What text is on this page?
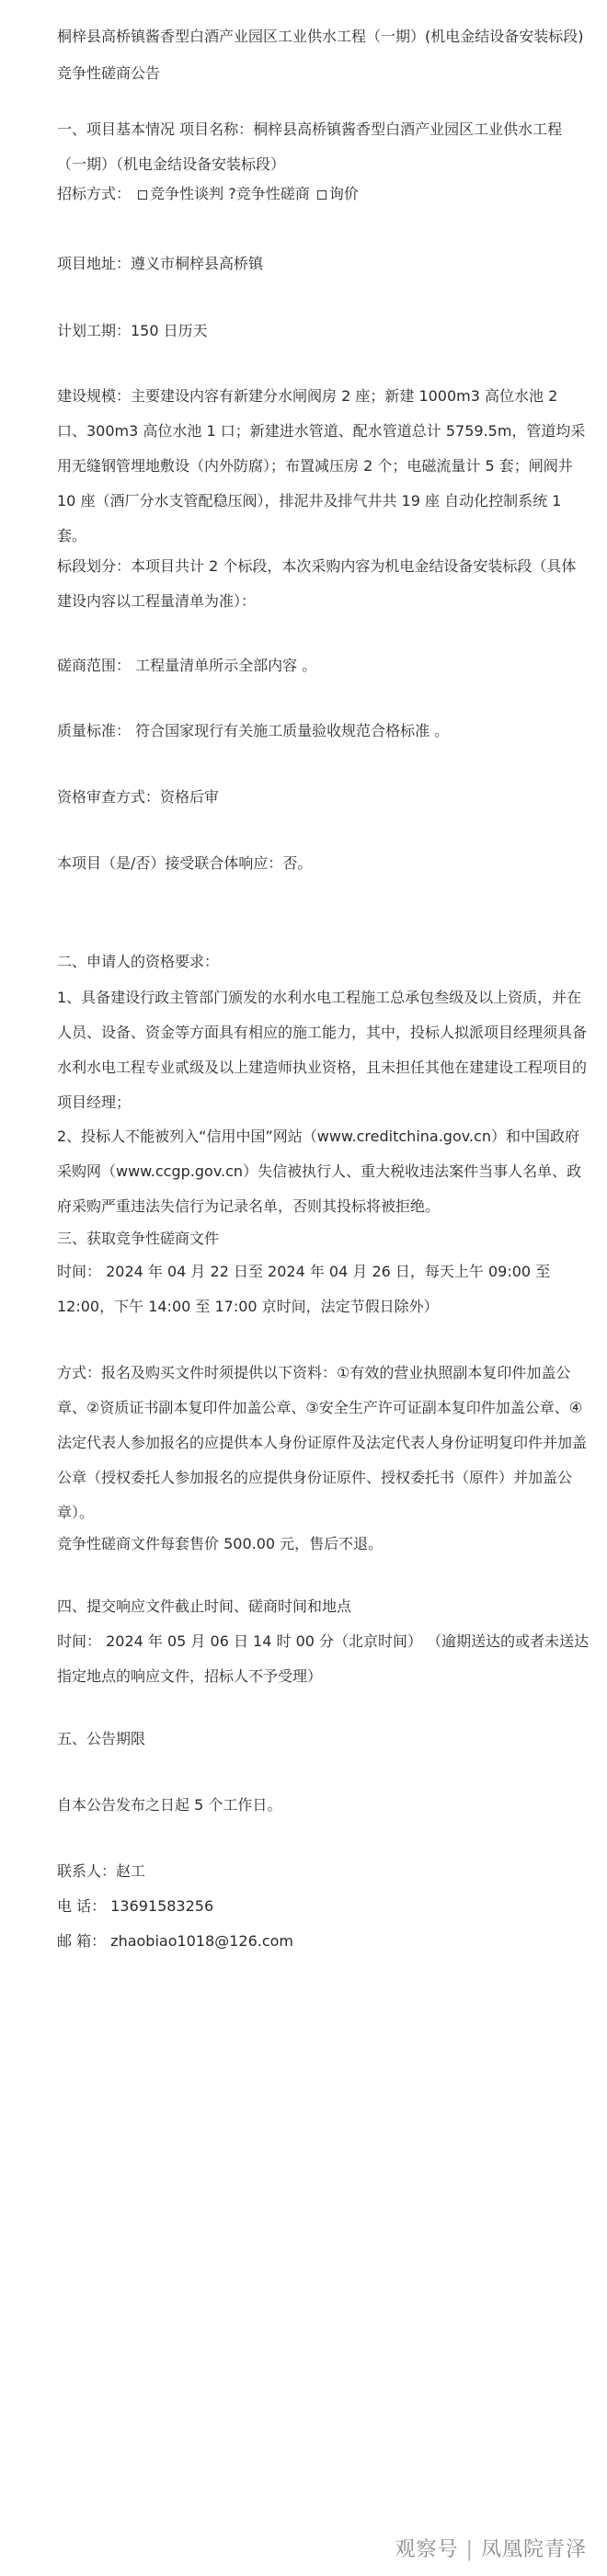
桐梓县高桥镇酱香型白酒产业园区工业供水工程（一期）(机电金结设备安装标段)竞争性磋商公告
一、项目基本情况 项目名称：桐梓县高桥镇酱香型白酒产业园区工业供水工程（一期）（机电金结设备安装标段）
招标方式： 竞争性谈判 ?竞争性磋商 询价
项目地址：遵义市桐梓县高桥镇
计划工期：150 日历天
建设规模：主要建设内容有新建分水闸阀房 2 座；新建 1000m3 高位水池 2 口、300m3 高位水池 1 口；新建进水管道、配水管道总计 5759.5m，管道均采用无缝钢管埋地敷设（内外防腐）；布置减压房 2 个；电磁流量计 5 套；闸阀井 10 座（酒厂分水支管配稳压阀），排泥井及排气井共 19 座 自动化控制系统 1 套。
标段划分：本项目共计 2 个标段，本次采购内容为机电金结设备安装标段（具体建设内容以工程量清单为准）：
磋商范围： 工程量清单所示全部内容 。
质量标准： 符合国家现行有关施工质量验收规范合格标准 。
资格审查方式：资格后审
本项目（是/否）接受联合体响应：否。
二、申请人的资格要求：
1、具备建设行政主管部门颁发的水利水电工程施工总承包叁级及以上资质，并在人员、设备、资金等方面具有相应的施工能力，其中，投标人拟派项目经理须具备水利水电工程专业贰级及以上建造师执业资格，且未担任其他在建建设工程项目的项目经理；
2、投标人不能被列入“信用中国”网站（www.creditchina.gov.cn）和中国政府采购网（www.ccgp.gov.cn）失信被执行人、重大税收违法案件当事人名单、政府采购严重违法失信行为记录名单，否则其投标将被拒绝。
三、获取竞争性磋商文件
时间： 2024 年 04 月 22 日至 2024 年 04 月 26 日，每天上午 09:00 至 12:00，下午 14:00 至 17:00 京时间，法定节假日除外）
方式：报名及购买文件时须提供以下资料：①有效的营业执照副本复印件加盖公章、②资质证书副本复印件加盖公章、③安全生产许可证副本复印件加盖公章、④法定代表人参加报名的应提供本人身份证原件及法定代表人身份证明复印件并加盖公章（授权委托人参加报名的应提供身份证原件、授权委托书（原件）并加盖公章）。
竞争性磋商文件每套售价 500.00 元，售后不退。
四、提交响应文件截止时间、磋商时间和地点
时间： 2024 年 05 月 06 日 14 时 00 分（北京时间） （逾期送达的或者未送达指定地点的响应文件，招标人不予受理）
五、公告期限
自本公告发布之日起 5 个工作日。
联系人：赵工
电 话： 13691583256
邮 箱： zhaobiao1018@126.com
观察号 | 凤凰院青泽
